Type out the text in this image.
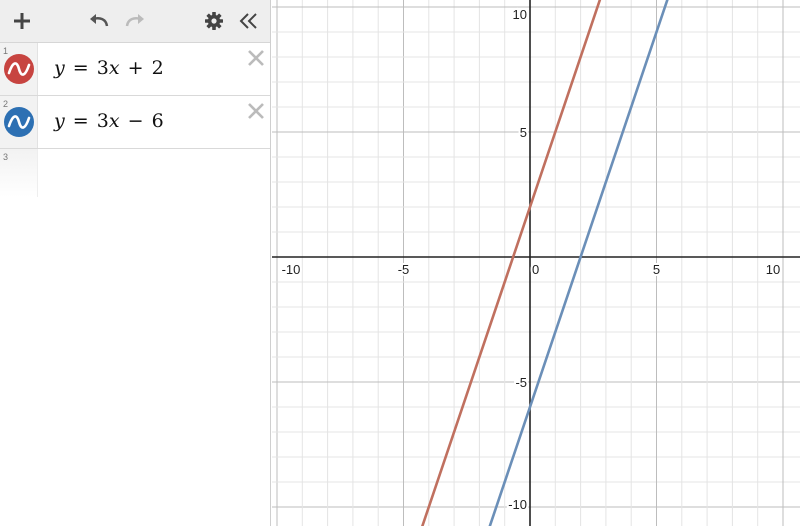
1
y = 3x + 2
2
y = 3x − 6
3
-10	-5	0	5	10
-10
-5
5
10
